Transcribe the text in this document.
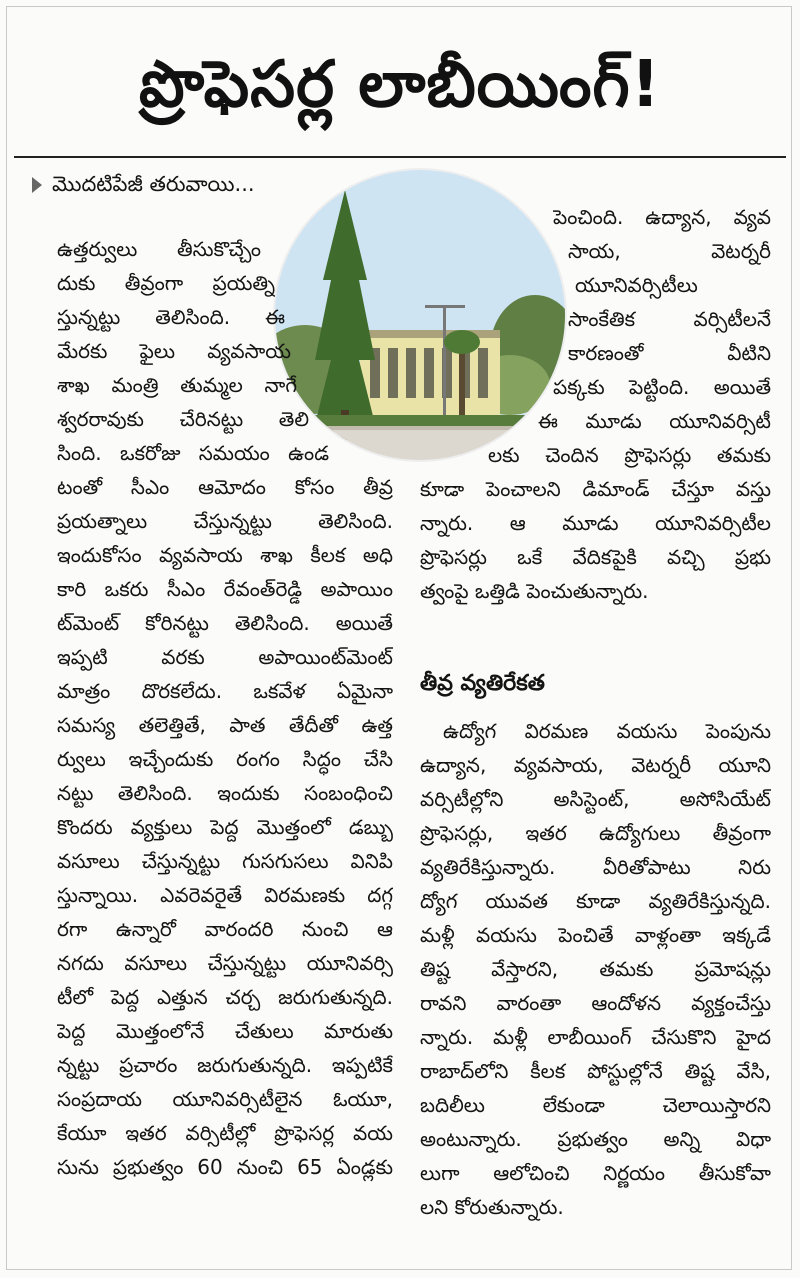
ప్రొఫెసర్ల లాబీయింగ్!
మొదటిపేజీ తరువాయి...
ఉత్తర్వులు తీసుకొచ్చేం
దుకు తీవ్రంగా ప్రయత్ని
స్తున్నట్టు తెలిసింది. ఈ
మేరకు ఫైలు వ్యవసాయ
శాఖ మంత్రి తుమ్మల నాగే
శ్వరరావుకు చేరినట్టు తెలి
సింది. ఒకరోజు సమయం ఉండ
టంతో సీఎం ఆమోదం కోసం తీవ్ర
ప్రయత్నాలు చేస్తున్నట్టు తెలిసింది.
ఇందుకోసం వ్యవసాయ శాఖ కీలక అధి
కారి ఒకరు సీఎం రేవంత్‌రెడ్డి అపాయిం
ట్‌మెంట్ కోరినట్టు తెలిసింది. అయితే
ఇప్పటి వరకు అపాయింట్‌మెంట్
మాత్రం దొరకలేదు. ఒకవేళ ఏమైనా
సమస్య తలెత్తితే, పాత తేదీతో ఉత్త
ర్వులు ఇచ్చేందుకు రంగం సిద్ధం చేసి
నట్టు తెలిసింది. ఇందుకు సంబంధించి
కొందరు వ్యక్తులు పెద్ద మొత్తంలో డబ్బు
వసూలు చేస్తున్నట్టు గుసగుసలు వినిపి
స్తున్నాయి. ఎవరెవరైతే విరమణకు దగ్గ
రగా ఉన్నారో వారందరి నుంచి ఆ
నగదు వసూలు చేస్తున్నట్టు యూనివర్సి
టీలో పెద్ద ఎత్తున చర్చ జరుగుతున్నది.
పెద్ద మొత్తంలోనే చేతులు మారుతు
న్నట్టు ప్రచారం జరుగుతున్నది. ఇప్పటికే
సంప్రదాయ యూనివర్సిటీలైన ఓయూ,
కేయూ ఇతర వర్సిటీల్లో ప్రొఫెసర్ల వయ
సును ప్రభుత్వం 60 నుంచి 65 ఏండ్లకు
పెంచింది. ఉద్యాన, వ్యవ
సాయ, వెటర్నరీ
యూనివర్సిటీలు
సాంకేతిక వర్సిటీలనే
కారణంతో వీటిని
పక్కకు పెట్టింది. అయితే
ఈ మూడు యూనివర్సిటీ
లకు చెందిన ప్రొఫెసర్లు తమకు
కూడా పెంచాలని డిమాండ్ చేస్తూ వస్తు
న్నారు. ఆ మూడు యూనివర్సిటీల
ప్రొఫెసర్లు ఒకే వేదికపైకి వచ్చి ప్రభు
త్వంపై ఒత్తిడి పెంచుతున్నారు.
తీవ్ర వ్యతిరేకత
ఉద్యోగ విరమణ వయసు పెంపును
ఉద్యాన, వ్యవసాయ, వెటర్నరీ యూని
వర్సిటీల్లోని అసిస్టెంట్, అసోసియేట్
ప్రొఫెసర్లు, ఇతర ఉద్యోగులు తీవ్రంగా
వ్యతిరేకిస్తున్నారు. వీరితోపాటు నిరు
ద్యోగ యువత కూడా వ్యతిరేకిస్తున్నది.
మళ్లీ వయసు పెంచితే వాళ్లంతా ఇక్కడే
తిష్ట వేస్తారని, తమకు ప్రమోషన్లు
రావని వారంతా ఆందోళన వ్యక్తంచేస్తు
న్నారు. మళ్లీ లాబీయింగ్ చేసుకొని హైద
రాబాద్‌లోని కీలక పోస్టుల్లోనే తిష్ట వేసి,
బదిలీలు లేకుండా చెలాయిస్తారని
అంటున్నారు. ప్రభుత్వం అన్ని విధా
లుగా ఆలోచించి నిర్ణయం తీసుకోవా
లని కోరుతున్నారు.
